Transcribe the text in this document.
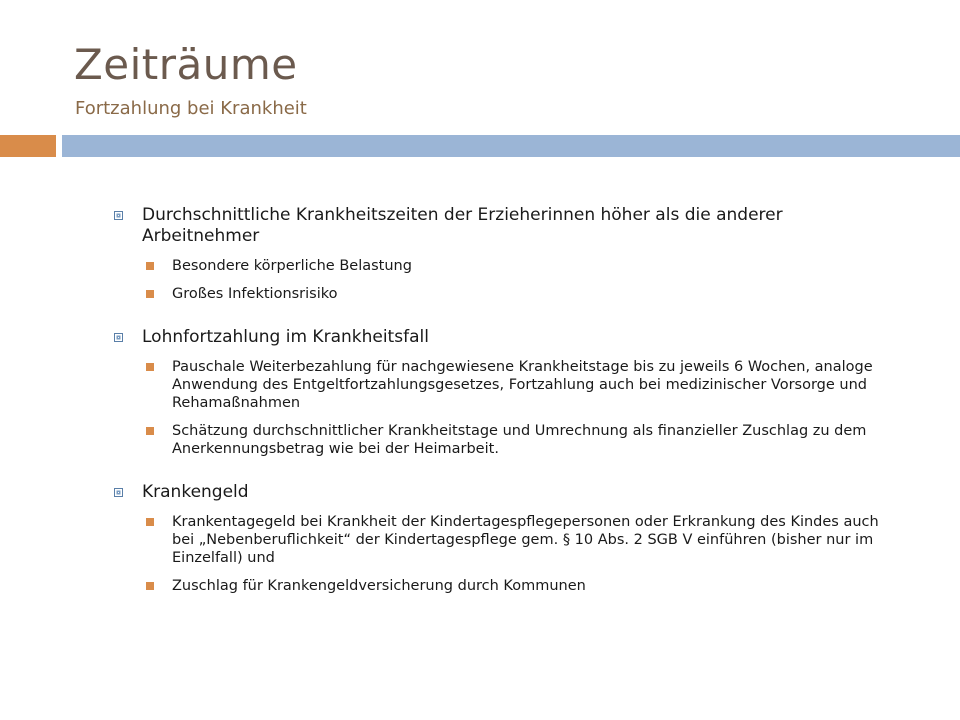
Zeiträume
Fortzahlung bei Krankheit
Durchschnittliche Krankheitszeiten der Erzieherinnen höher als die anderer Arbeitnehmer
Besondere körperliche Belastung
Großes Infektionsrisiko
Lohnfortzahlung im Krankheitsfall
Pauschale Weiterbezahlung für nachgewiesene Krankheitstage bis zu jeweils 6 Wochen, analoge Anwendung des Entgeltfortzahlungsgesetzes, Fortzahlung auch bei medizinischer Vorsorge und Rehamaßnahmen
Schätzung durchschnittlicher Krankheitstage und Umrechnung als finanzieller Zuschlag zu dem Anerkennungsbetrag wie bei der Heimarbeit.
Krankengeld
Krankentagegeld bei Krankheit der Kindertagespflegepersonen oder Erkrankung des Kindes auch bei „Nebenberuflichkeit“ der Kindertagespflege gem. § 10 Abs. 2 SGB V einführen (bisher nur im Einzelfall) und
Zuschlag für Krankengeldversicherung durch Kommunen
